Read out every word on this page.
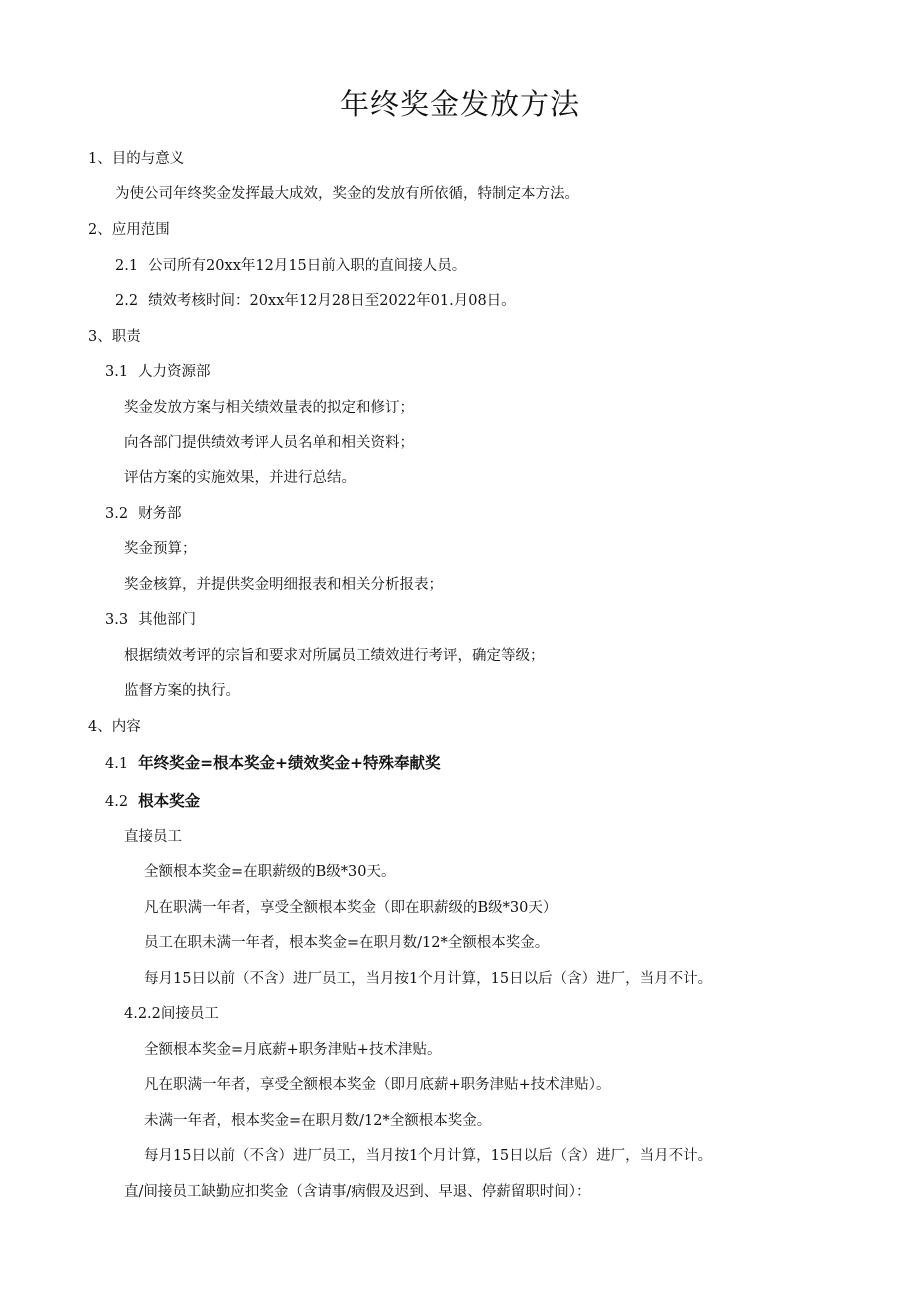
年终奖金发放方法

1、目的与意义

为使公司年终奖金发挥最大成效，奖金的发放有所依循，特制定本方法。

2、应用范围

2.1 公司所有20xx年12月15日前入职的直间接人员。

2.2 绩效考核时间：20xx年12月28日至2022年01.月08日。

3、职责

3.1 人力资源部

奖金发放方案与相关绩效量表的拟定和修订；

向各部门提供绩效考评人员名单和相关资料；

评估方案的实施效果，并进行总结。

3.2 财务部

奖金预算；

奖金核算，并提供奖金明细报表和相关分析报表；

3.3 其他部门

根据绩效考评的宗旨和要求对所属员工绩效进行考评，确定等级；

监督方案的执行。

4、内容

4.1 年终奖金=根本奖金+绩效奖金+特殊奉献奖

4.2 根本奖金

直接员工

全额根本奖金=在职薪级的B级*30天。

凡在职满一年者，享受全额根本奖金（即在职薪级的B级*30天）

员工在职未满一年者，根本奖金=在职月数/12*全额根本奖金。

每月15日以前（不含）进厂员工，当月按1个月计算，15日以后（含）进厂，当月不计。

4.2.2间接员工

全额根本奖金=月底薪+职务津贴+技术津贴。

凡在职满一年者，享受全额根本奖金（即月底薪+职务津贴+技术津贴）。

未满一年者，根本奖金=在职月数/12*全额根本奖金。

每月15日以前（不含）进厂员工，当月按1个月计算，15日以后（含）进厂，当月不计。

直/间接员工缺勤应扣奖金（含请事/病假及迟到、早退、停薪留职时间）：
